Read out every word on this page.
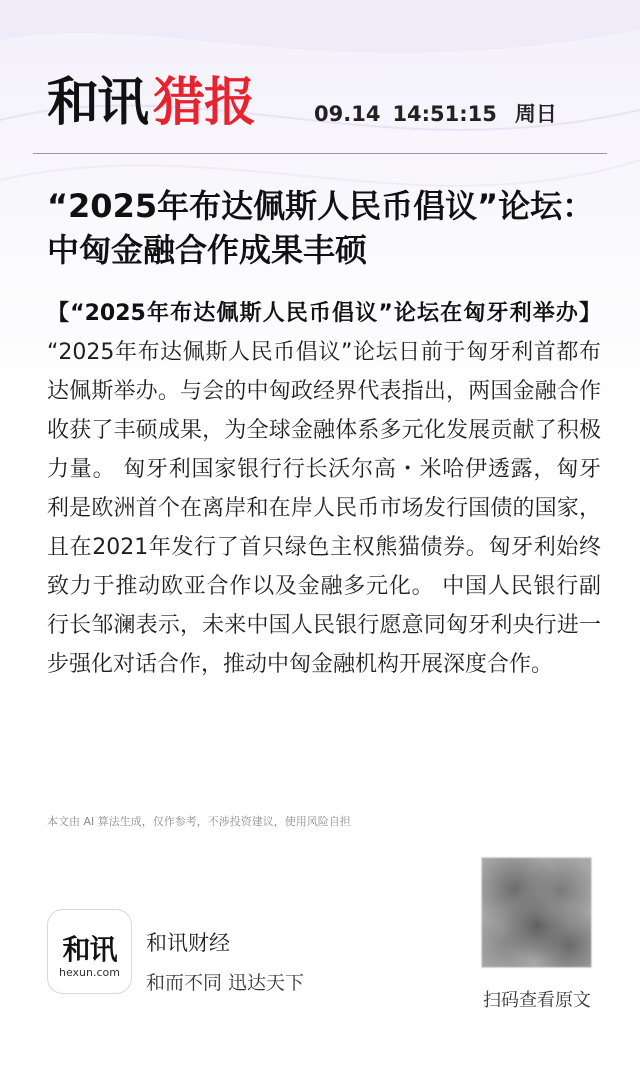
和讯 猎报	09.14 14:51:15 周日
“2025年布达佩斯人民币倡议”论坛：中匈金融合作成果丰硕

【“2025年布达佩斯人民币倡议”论坛在匈牙利举办】 “2025年布达佩斯人民币倡议”论坛日前于匈牙利首都布达佩斯举办。与会的中匈政经界代表指出，两国金融合作收获了丰硕成果，为全球金融体系多元化发展贡献了积极力量。 匈牙利国家银行行长沃尔高・米哈伊透露，匈牙利是欧洲首个在离岸和在岸人民币市场发行国债的国家，且在2021年发行了首只绿色主权熊猫债券。匈牙利始终致力于推动欧亚合作以及金融多元化。 中国人民银行副行长邹澜表示，未来中国人民银行愿意同匈牙利央行进一步强化对话合作，推动中匈金融机构开展深度合作。

本文由 AI 算法生成，仅作参考，不涉投资建议，使用风险自担
和讯
hexun.com
和讯财经
和而不同 迅达天下
扫码查看原文
